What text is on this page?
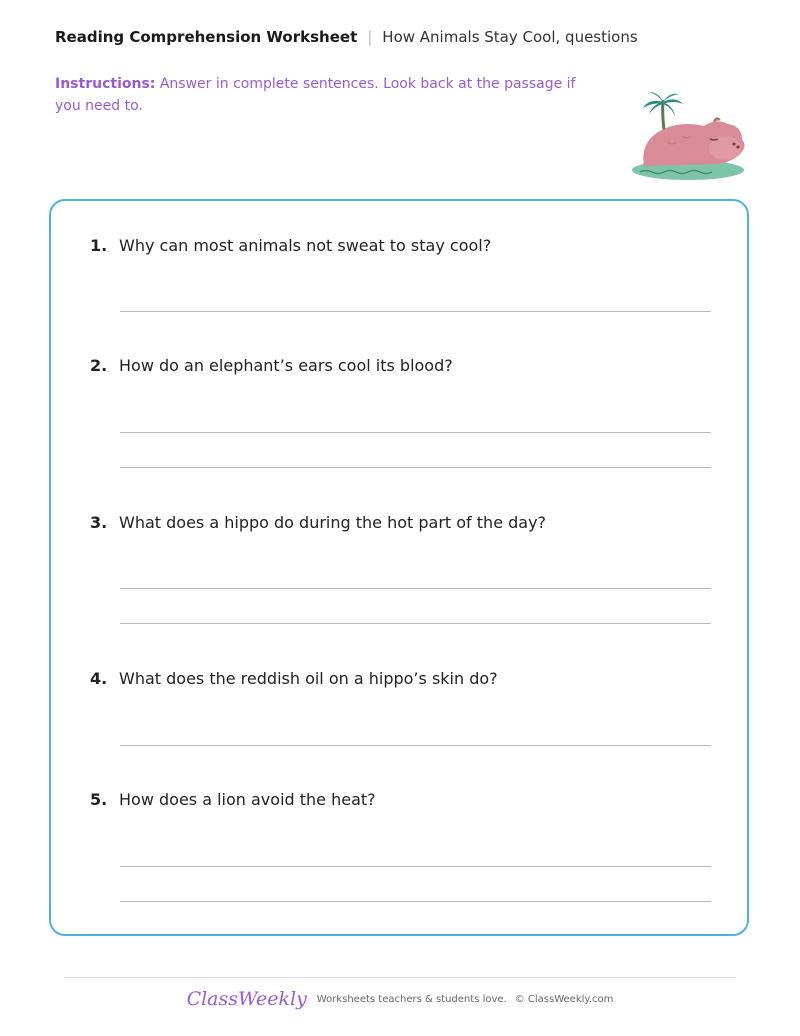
Reading Comprehension Worksheet | How Animals Stay Cool, questions
Instructions: Answer in complete sentences. Look back at the passage if you need to.
1. Why can most animals not sweat to stay cool?
2. How do an elephant’s ears cool its blood?
3. What does a hippo do during the hot part of the day?
4. What does the reddish oil on a hippo’s skin do?
5. How does a lion avoid the heat?
ClassWeekly Worksheets teachers & students love. © ClassWeekly.com
